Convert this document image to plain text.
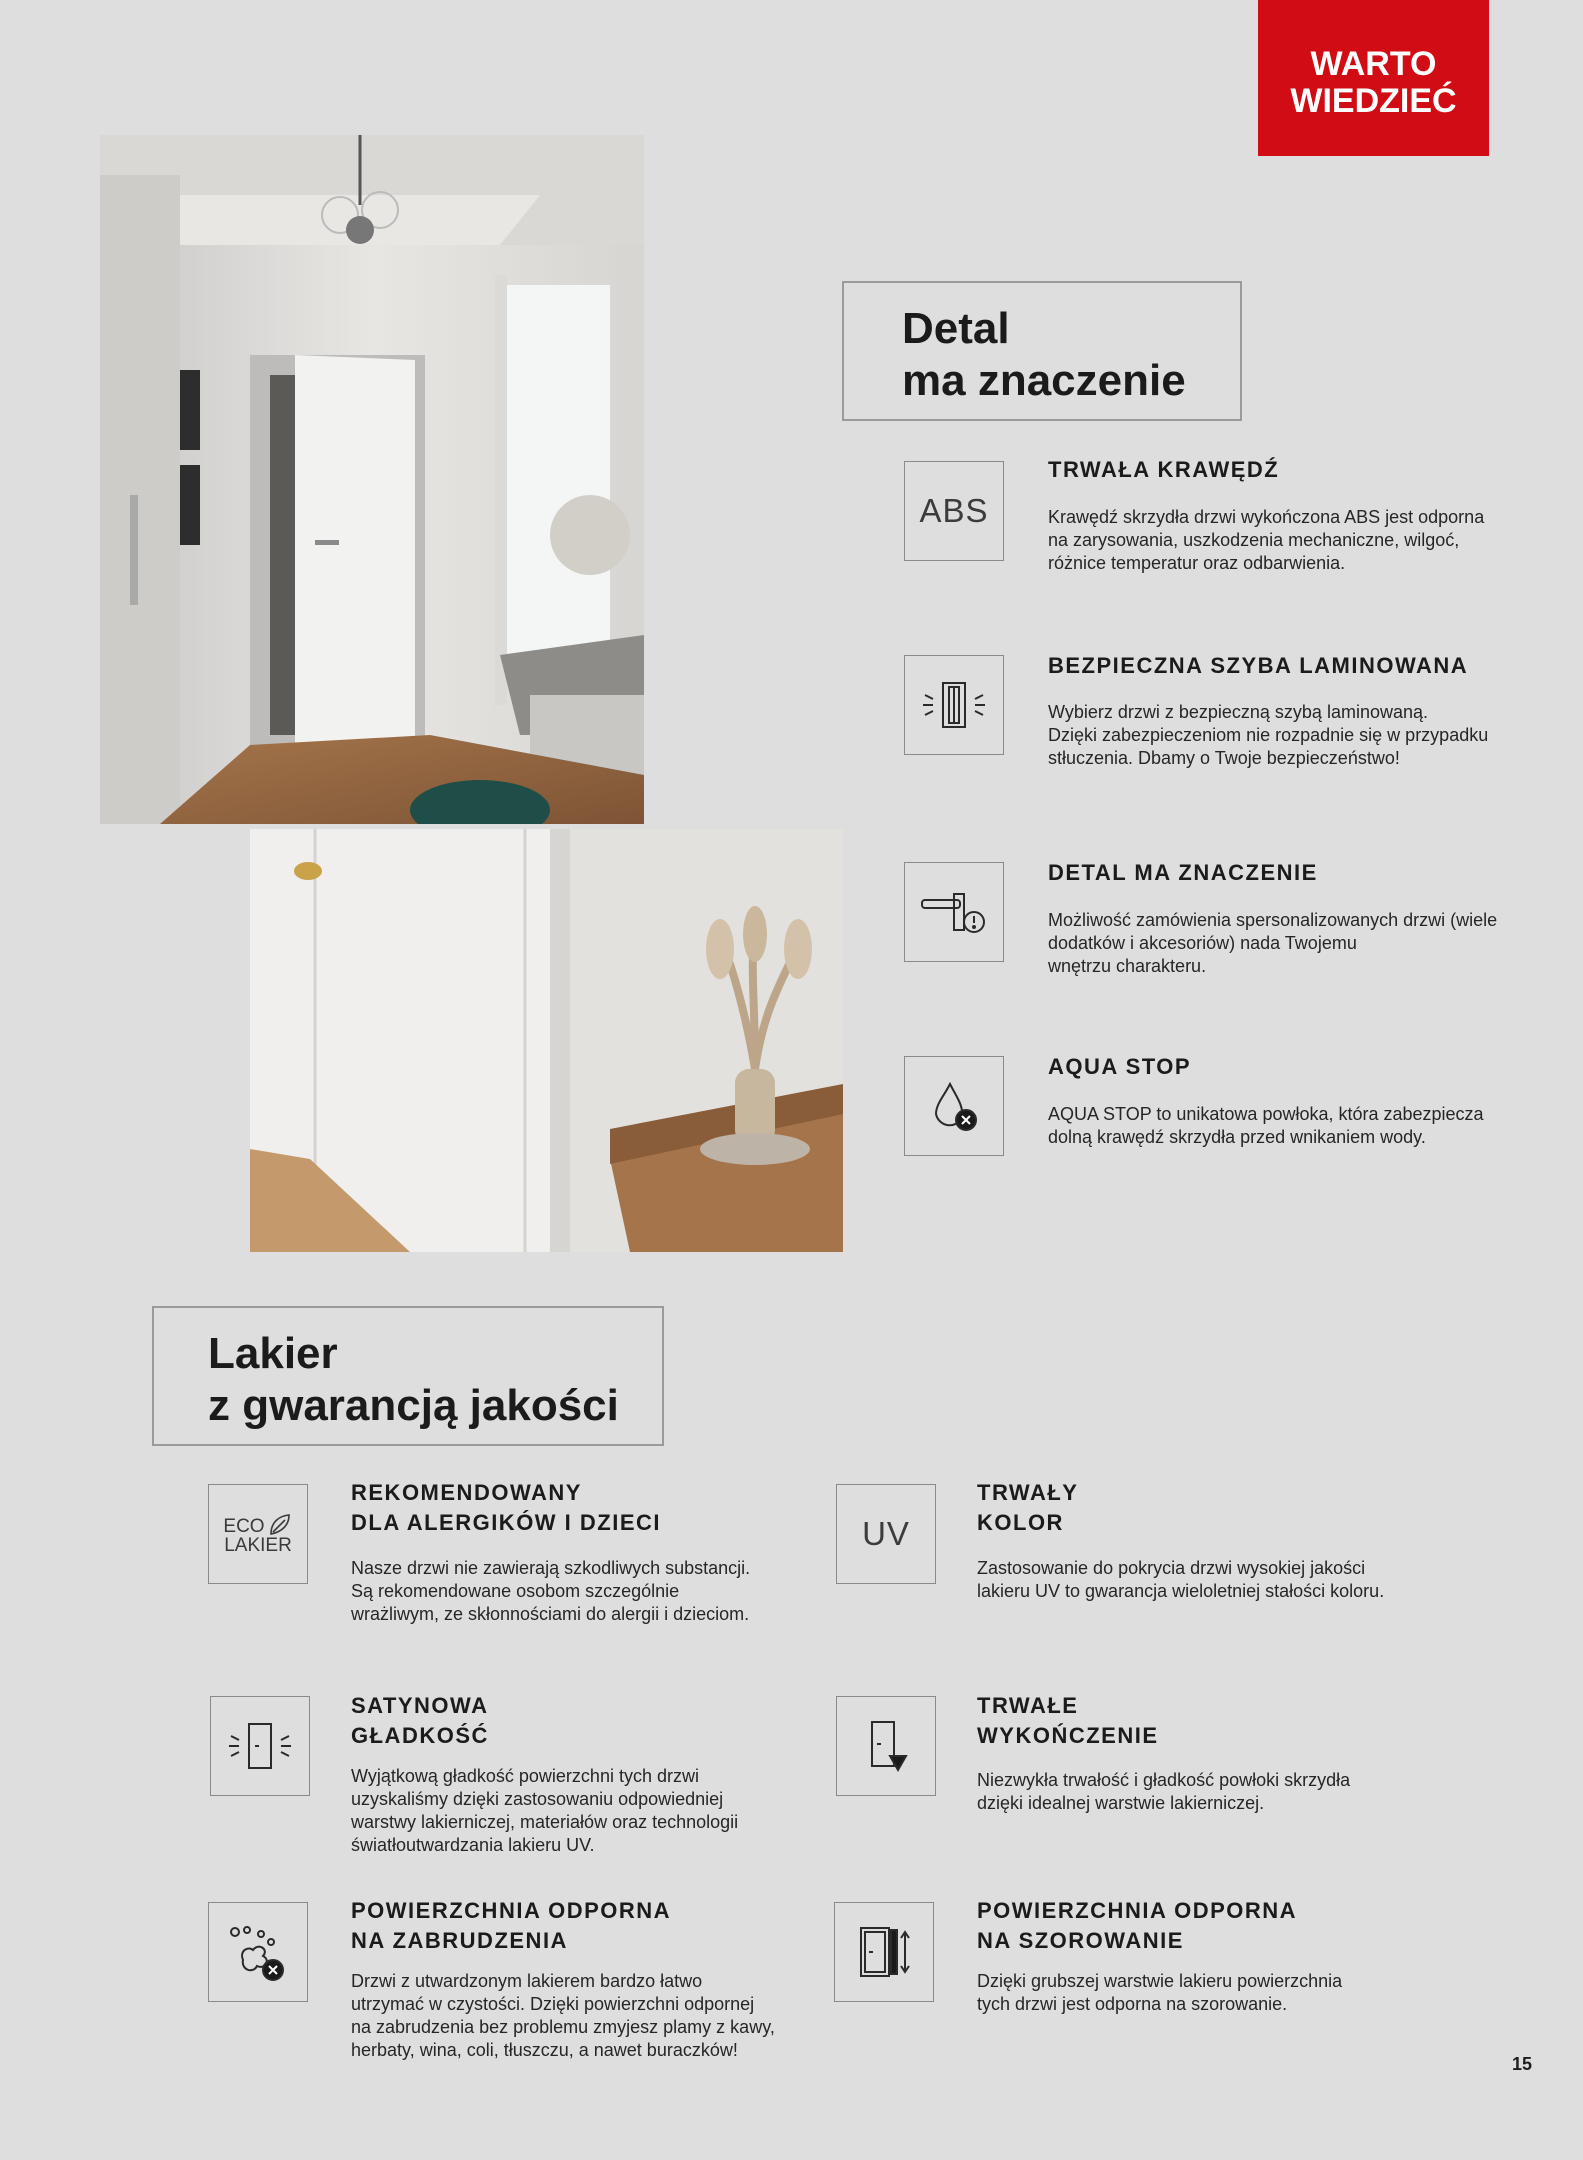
WARTO
WIEDZIEĆ
Detal
ma znaczenie
ABS
TRWAŁA KRAWĘDŹ
Krawędź skrzydła drzwi wykończona ABS jest odporna
na zarysowania, uszkodzenia mechaniczne, wilgoć,
różnice temperatur oraz odbarwienia.
BEZPIECZNA SZYBA LAMINOWANA
Wybierz drzwi z bezpieczną szybą laminowaną.
Dzięki zabezpieczeniom nie rozpadnie się w przypadku
stłuczenia. Dbamy o Twoje bezpieczeństwo!
DETAL MA ZNACZENIE
Możliwość zamówienia spersonalizowanych drzwi (wiele
dodatków i akcesoriów) nada Twojemu
wnętrzu charakteru.
AQUA STOP
AQUA STOP to unikatowa powłoka, która zabezpiecza
dolną krawędź skrzydła przed wnikaniem wody.
Lakier
z gwarancją jakości
ECO
LAKIER
REKOMENDOWANY
DLA ALERGIKÓW I DZIECI
Nasze drzwi nie zawierają szkodliwych substancji.
Są rekomendowane osobom szczególnie
wrażliwym, ze skłonnościami do alergii i dzieciom.
UV
TRWAŁY
KOLOR
Zastosowanie do pokrycia drzwi wysokiej jakości
lakieru UV to gwarancja wieloletniej stałości koloru.
SATYNOWA
GŁADKOŚĆ
Wyjątkową gładkość powierzchni tych drzwi
uzyskaliśmy dzięki zastosowaniu odpowiedniej
warstwy lakierniczej, materiałów oraz technologii
światłoutwardzania lakieru UV.
TRWAŁE
WYKOŃCZENIE
Niezwykła trwałość i gładkość powłoki skrzydła
dzięki idealnej warstwie lakierniczej.
POWIERZCHNIA ODPORNA
NA ZABRUDZENIA
Drzwi z utwardzonym lakierem bardzo łatwo
utrzymać w czystości. Dzięki powierzchni odpornej
na zabrudzenia bez problemu zmyjesz plamy z kawy,
herbaty, wina, coli, tłuszczu, a nawet buraczków!
POWIERZCHNIA ODPORNA
NA SZOROWANIE
Dzięki grubszej warstwie lakieru powierzchnia
tych drzwi jest odporna na szorowanie.
15
